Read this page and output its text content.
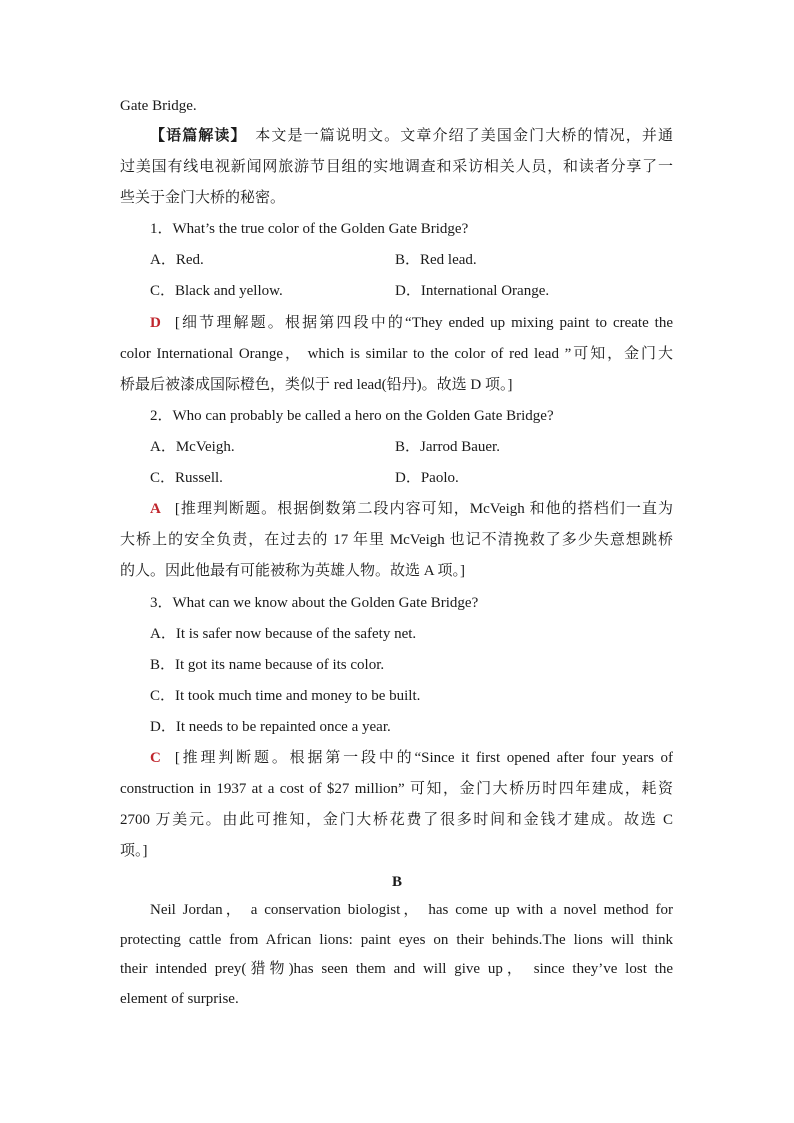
Gate Bridge.
【语篇解读】　 本文是一篇说明文。文章介绍了美国金门大桥的情况，并通
过美国有线电视新闻网旅游节目组的实地调查和采访相关人员，和读者分享了一
些关于金门大桥的秘密。
1．What’s the true color of the Golden Gate Bridge?
A．Red.	B．Red lead.
C．Black and yellow.	D．International Orange.
D [细节理解题。根据第四段中的“They ended up mixing paint to create the
color International Orange， which is similar to the color of red lead ”可知，金门大
桥最后被漆成国际橙色，类似于 red lead(铅丹)。故选 D 项。]
2．Who can probably be called a hero on the Golden Gate Bridge?
A．McVeigh.	B．Jarrod Bauer.
C．Russell.	D．Paolo.
A [推理判断题。根据倒数第二段内容可知，McVeigh 和他的搭档们一直为
大桥上的安全负责，在过去的 17 年里 McVeigh 也记不清挽救了多少失意想跳桥
的人。因此他最有可能被称为英雄人物。故选 A 项。]
3．What can we know about the Golden Gate Bridge?
A．It is safer now because of the safety net.
B．It got its name because of its color.
C．It took much time and money to be built.
D．It needs to be repainted once a year.
C [推理判断题。根据第一段中的“Since it first opened after four years of
construction in 1937 at a cost of $27 million” 可知，金门大桥历时四年建成，耗资
2700 万美元。由此可推知，金门大桥花费了很多时间和金钱才建成。故选 C
项。]
B
Neil Jordan， a conservation biologist， has come up with a novel method for
protecting cattle from African lions: paint eyes on their behinds.The lions will think
their intended prey(猎物)has seen them and will give up， since they’ve lost the
element of surprise.
